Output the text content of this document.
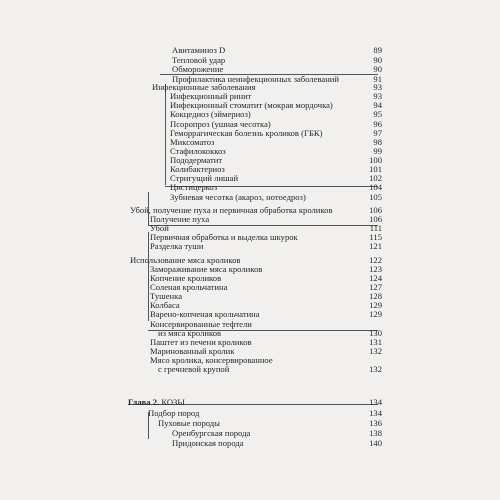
Авитаминоз D	89
Тепловой удар	90
Обморожение	90
Профилактика неинфекционных заболеваний	91
Инфекционные заболевания	93
Инфекционный ринит	93
Инфекционный стоматит (мокрая мордочка)	94
Кокцедиоз (эймериоз)	95
Псоропроз (ушная чесотка)	96
Геморрагическая болезнь кроликов (ГБК)	97
Миксоматоз	98
Стафилококкоз	99
Пододерматит	100
Колибактериоз	101
Стригущий лишай	102
Цистицеркоз	104
Зубневая чесотка (акароз, нотоедроз)	105
Убой, получение пуха и первичная обработка кроликов	106
Получение пуха	106
Убой	111
Первичная обработка и выделка шкурок	115
Разделка туши	121
Использование мяса кроликов	122
Замораживание мяса кроликов	123
Копчение кроликов	124
Соленая крольчатина	127
Тушенка	128
Колбаса	129
Варено-копченая крольчатина	129
Консервированные тефтели
из мяса кроликов	130
Паштет из печени кроликов	131
Маринованный кролик	132
Мясо кролика, консервированное
с гречневой крупой	132
Глава 2. КОЗЫ	134
Подбор пород	134
Пуховые породы	136
Оренбургская порода	138
Придонская порода	140
